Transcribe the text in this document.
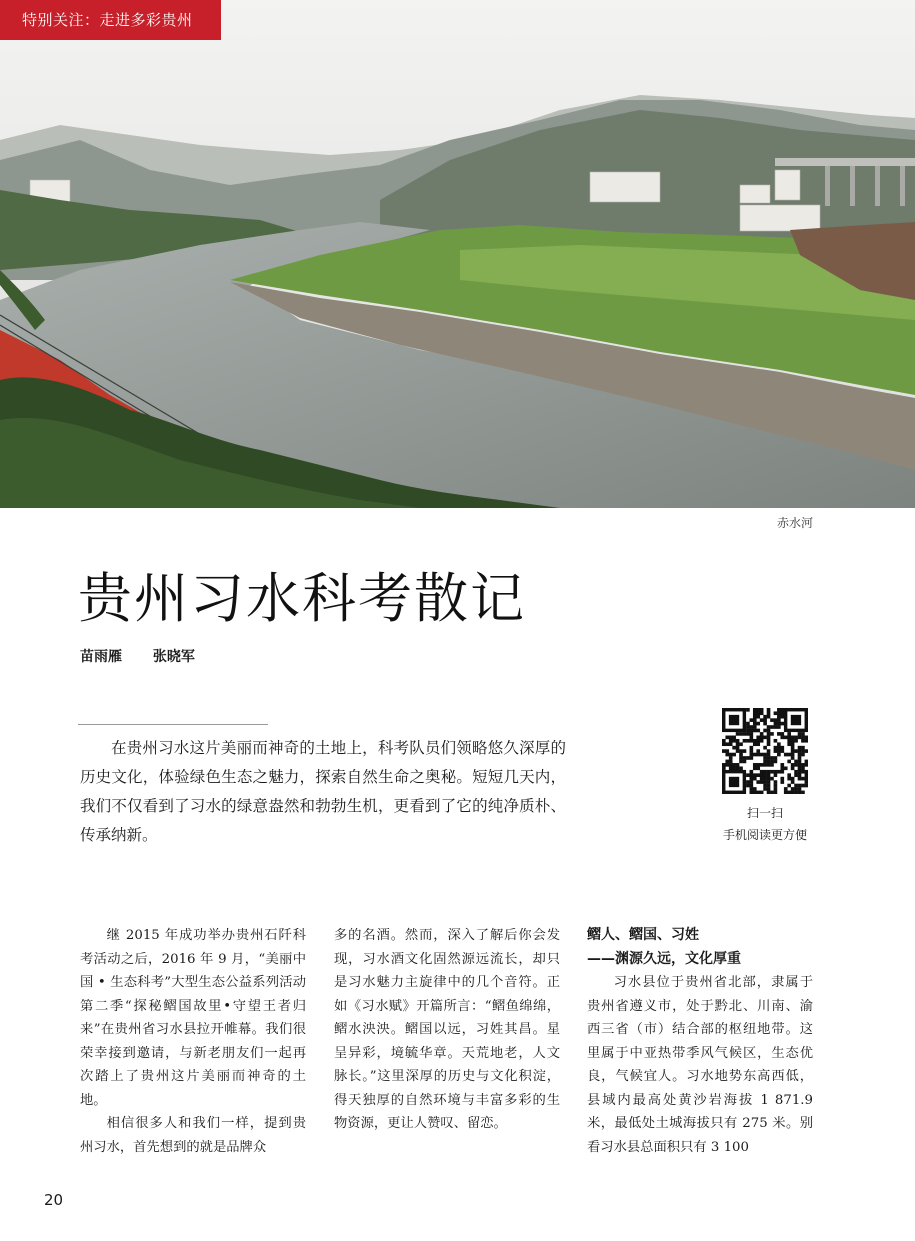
特别关注：走进多彩贵州
赤水河
贵州习水科考散记
苗雨雁 张晓军

在贵州习水这片美丽而神奇的土地上，科考队员们领略悠久深厚的历史文化，体验绿色生态之魅力，探索自然生命之奥秘。短短几天内，我们不仅看到了习水的绿意盎然和勃勃生机，更看到了它的纯净质朴、传承纳新。

扫一扫
手机阅读更方便

继 2015 年成功举办贵州石阡科考活动之后，2016 年 9 月，“美丽中国 • 生态科考”大型生态公益系列活动第二季“探秘鳛国故里•守望王者归来”在贵州省习水县拉开帷幕。我们很荣幸接到邀请，与新老朋友们一起再次踏上了贵州这片美丽而神奇的土地。

相信很多人和我们一样，提到贵州习水，首先想到的就是品牌众

多的名酒。然而，深入了解后你会发现，习水酒文化固然源远流长，却只是习水魅力主旋律中的几个音符。正如《习水赋》开篇所言：“鳛鱼绵绵，鳛水泱泱。鳛国以远，习姓其昌。星呈异彩，境毓华章。天荒地老，人文脉长。”这里深厚的历史与文化积淀，得天独厚的自然环境与丰富多彩的生物资源，更让人赞叹、留恋。

鳛人、鳛国、习姓

——渊源久远，文化厚重

习水县位于贵州省北部，隶属于贵州省遵义市，处于黔北、川南、渝西三省（市）结合部的枢纽地带。这里属于中亚热带季风气候区，生态优良，气候宜人。习水地势东高西低，县域内最高处黄沙岩海拔 1 871.9 米，最低处土城海拔只有 275 米。别看习水县总面积只有 3 100

20
